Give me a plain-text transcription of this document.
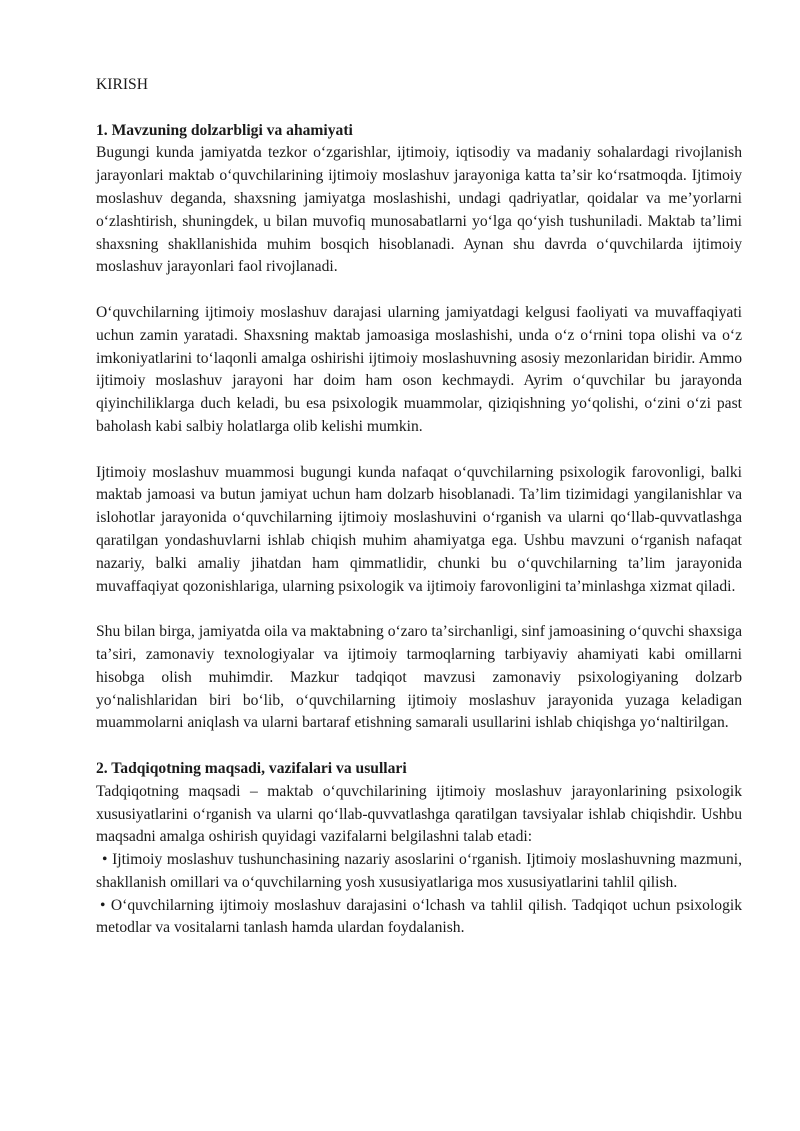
KIRISH

1. Mavzuning dolzarbligi va ahamiyati

Bugungi kunda jamiyatda tezkor oʻzgarishlar, ijtimoiy, iqtisodiy va madaniy sohalardagi rivojlanish jarayonlari maktab oʻquvchilarining ijtimoiy moslashuv jarayoniga katta taʼsir koʻrsatmoqda. Ijtimoiy moslashuv deganda, shaxsning jamiyatga moslashishi, undagi qadriyatlar, qoidalar va meʼyorlarni oʻzlashtirish, shuningdek, u bilan muvofiq munosabatlarni yoʻlga qoʻyish tushuniladi. Maktab taʼlimi shaxsning shakllanishida muhim bosqich hisoblanadi. Aynan shu davrda oʻquvchilarda ijtimoiy moslashuv jarayonlari faol rivojlanadi.

Oʻquvchilarning ijtimoiy moslashuv darajasi ularning jamiyatdagi kelgusi faoliyati va muvaffaqiyati uchun zamin yaratadi. Shaxsning maktab jamoasiga moslashishi, unda oʻz oʻrnini topa olishi va oʻz imkoniyatlarini toʻlaqonli amalga oshirishi ijtimoiy moslashuvning asosiy mezonlaridan biridir. Ammo ijtimoiy moslashuv jarayoni har doim ham oson kechmaydi. Ayrim oʻquvchilar bu jarayonda qiyinchiliklarga duch keladi, bu esa psixologik muammolar, qiziqishning yoʻqolishi, oʻzini oʻzi past baholash kabi salbiy holatlarga olib kelishi mumkin.

Ijtimoiy moslashuv muammosi bugungi kunda nafaqat oʻquvchilarning psixologik farovonligi, balki maktab jamoasi va butun jamiyat uchun ham dolzarb hisoblanadi. Taʼlim tizimidagi yangilanishlar va islohotlar jarayonida oʻquvchilarning ijtimoiy moslashuvini oʻrganish va ularni qoʻllab-quvvatlashga qaratilgan yondashuvlarni ishlab chiqish muhim ahamiyatga ega. Ushbu mavzuni oʻrganish nafaqat nazariy, balki amaliy jihatdan ham qimmatlidir, chunki bu oʻquvchilarning taʼlim jarayonida muvaffaqiyat qozonishlariga, ularning psixologik va ijtimoiy farovonligini taʼminlashga xizmat qiladi.

Shu bilan birga, jamiyatda oila va maktabning oʻzaro taʼsirchanligi, sinf jamoasining oʻquvchi shaxsiga taʼsiri, zamonaviy texnologiyalar va ijtimoiy tarmoqlarning tarbiyaviy ahamiyati kabi omillarni hisobga olish muhimdir. Mazkur tadqiqot mavzusi zamonaviy psixologiyaning dolzarb yoʻnalishlaridan biri boʻlib, oʻquvchilarning ijtimoiy moslashuv jarayonida yuzaga keladigan muammolarni aniqlash va ularni bartaraf etishning samarali usullarini ishlab chiqishga yoʻnaltirilgan.

2. Tadqiqotning maqsadi, vazifalari va usullari

Tadqiqotning maqsadi – maktab oʻquvchilarining ijtimoiy moslashuv jarayonlarining psixologik xususiyatlarini oʻrganish va ularni qoʻllab-quvvatlashga qaratilgan tavsiyalar ishlab chiqishdir. Ushbu maqsadni amalga oshirish quyidagi vazifalarni belgilashni talab etadi:

• Ijtimoiy moslashuv tushunchasining nazariy asoslarini oʻrganish. Ijtimoiy moslashuvning mazmuni, shakllanish omillari va oʻquvchilarning yosh xususiyatlariga mos xususiyatlarini tahlil qilish.

• Oʻquvchilarning ijtimoiy moslashuv darajasini oʻlchash va tahlil qilish. Tadqiqot uchun psixologik metodlar va vositalarni tanlash hamda ulardan foydalanish.
